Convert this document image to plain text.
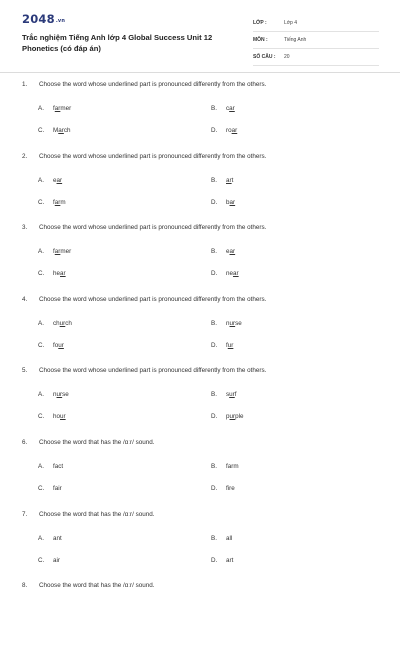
2048.vn
Trắc nghiệm Tiếng Anh lớp 4 Global Success Unit 12 Phonetics (có đáp án)
LỚP :	Lớp 4
MÔN :	Tiếng Anh
SỐ CÂU : 20
1. Choose the word whose underlined part is pronounced differently from the others.
A. farmer	B. car
C. March	D. roar
2. Choose the word whose underlined part is pronounced differently from the others.
A. ear	B. art
C. farm	D. bar
3. Choose the word whose underlined part is pronounced differently from the others.
A. farmer	B. ear
C. hear	D. near
4. Choose the word whose underlined part is pronounced differently from the others.
A. church	B. nurse
C. four	D. fur
5. Choose the word whose underlined part is pronounced differently from the others.
A. nurse	B. surf
C. hour	D. purple
6. Choose the word that has the /ɑːr/ sound.
A. fact	B. farm
C. fair	D. fire
7. Choose the word that has the /ɑːr/ sound.
A. ant	B. all
C. air	D. art
8. Choose the word that has the /ɑːr/ sound.
